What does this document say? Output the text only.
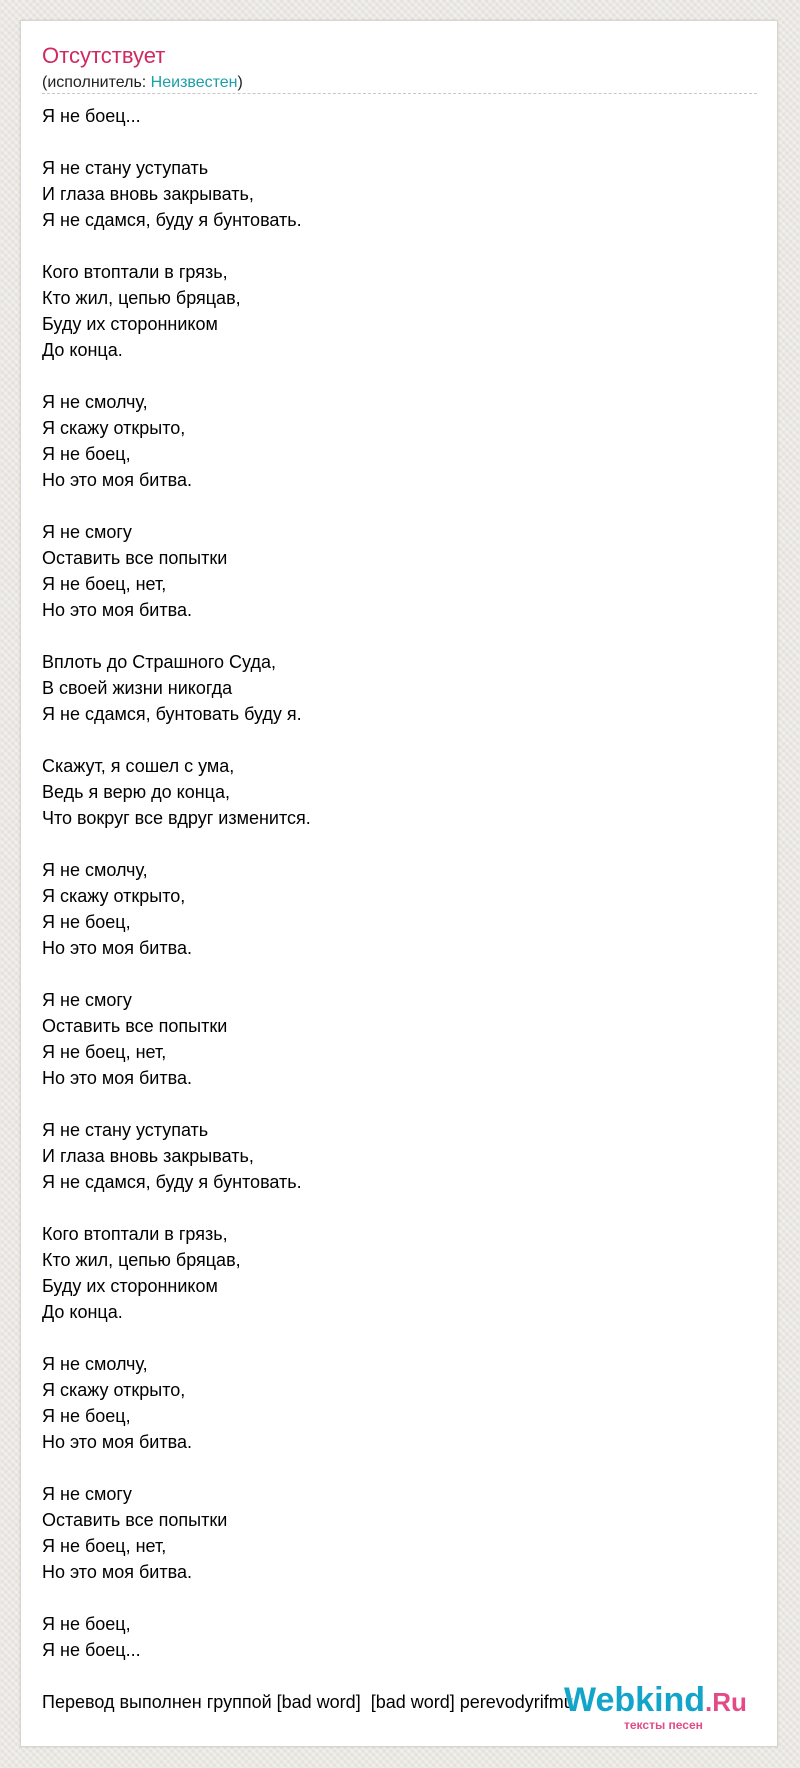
Отсутствует
(исполнитель: Неизвестен)
Я не боец...
Я не стану уступать
И глаза вновь закрывать,
Я не сдамся, буду я бунтовать.
Кого втоптали в грязь,
Кто жил, цепью бряцав,
Буду их сторонником
До конца.
Я не смолчу,
Я скажу открыто,
Я не боец,
Но это моя битва.
Я не смогу
Оставить все попытки
Я не боец, нет,
Но это моя битва.
Вплоть до Страшного Суда,
В своей жизни никогда
Я не сдамся, бунтовать буду я.
Скажут, я сошел с ума,
Ведь я верю до конца,
Что вокруг все вдруг изменится.
Я не смолчу,
Я скажу открыто,
Я не боец,
Но это моя битва.
Я не смогу
Оставить все попытки
Я не боец, нет,
Но это моя битва.
Я не стану уступать
И глаза вновь закрывать,
Я не сдамся, буду я бунтовать.
Кого втоптали в грязь,
Кто жил, цепью бряцав,
Буду их сторонником
До конца.
Я не смолчу,
Я скажу открыто,
Я не боец,
Но это моя битва.
Я не смогу
Оставить все попытки
Я не боец, нет,
Но это моя битва.
Я не боец,
Я не боец...
Перевод выполнен группой [bad word]  [bad word] perevodyrifmu
Webkind.Ru
тексты песен
